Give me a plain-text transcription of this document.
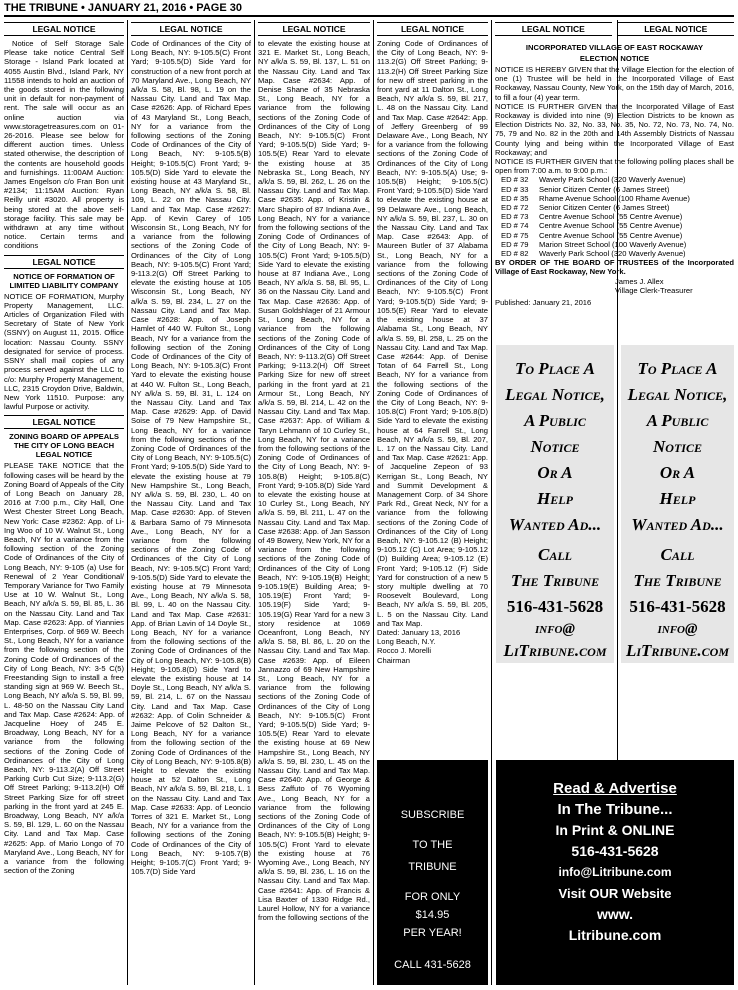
THE TRIBUNE • JANUARY 21, 2016 • PAGE 30
LEGAL NOTICE

Notice of Self Storage Sale Please take notice Central Self Storage - Island Park located at 4055 Austin Blvd., Island Park, NY 11558 intends to hold an auction of the goods stored in the following unit in default for non-payment of rent. The sale will occur as an online auction via www.storagetreasures.com on 01-26-2016. Please see below for different auction times. Unless stated otherwise, the description of the contents are household goods and furnishings. 11:00AM Auction: James Engelson c/o Fran Bon unit #2134; 11:15AM Auction: Ryan Reilly unit #3020. All property is being stored at the above self-storage facility. This sale may be withdrawn at any time without notice. Certain terms and conditions

LEGAL NOTICE
NOTICE OF FORMATION OF LIMITED LIABILITY COMPANY

NOTICE OF FORMATION, Murphy Property Management, LLC. Articles of Organization Filed with Secretary of State of New York (SSNY) on August 11, 2015. Office location: Nassau County. SSNY designated for service of process. SSNY shall mail copies of any process served against the LLC to c/o: Murphy Property Management, LLC, 2315 Croydon Drive, Baldwin, New York 11510. Purpose: any lawful Purpose or activity.

LEGAL NOTICE
ZONING BOARD OF APPEALS THE CITY OF LONG BEACH LEGAL NOTICE

PLEASE TAKE NOTICE that the following cases will be heard by the Zoning Board of Appeals of the City of Long Beach on January 28, 2016 at 7:00 p.m., City Hall, One West Chester Street Long Beach, New York: Case #2362: App. of Li-Ing Woo of 10 W. Walnut St., Long Beach, NY for a variance from the following section of the Zoning Code of Ordinances of the City of Long Beach, NY: 9-105 (a) Use for Renewal of 2 Year Conditional/ Temporary Variance for Two Family Use at 10 W. Walnut St., Long Beach, NY a/k/a S. 59, Bl. 85, L. 36 on the Nassau City. Land and Tax Map. Case #2623: App. of Yiannies Enterprises, Corp. of 969 W. Beech St., Long Beach, NY for a variance from the following section of the Zoning Code of Ordinances of the City of Long Beach, NY: 3-5 C(5) Freestanding Sign to install a free standing sign at 969 W. Beech St., Long Beach, NY a/k/a S. 59, Bl. 99, L. 48-50 on the Nassau City Land and Tax Map. Case #2624: App. of Jacqueline Hoey of 245 E. Broadway, Long Beach, NY for a variance from the following sections of the Zoning Code of Ordinances of the City of Long Beach, NY: 9-113.2(A) Off Street Parking Curb Cut Size; 9-113.2(G) Off Street Parking; 9-113.2(H) Off Street Parking Size for off street parking in the front yard at 245 E. Broadway, Long Beach, NY a/k/a S. 59, Bl. 129, L. 60 on the Nassau City. Land and Tax Map. Case #2625: App. of Mario Longo of 70 Maryland Ave., Long Beach, NY for a variance from the following section of the Zoning

LEGAL NOTICE

Code of Ordinances of the City of Long Beach, NY: 9-105.5(C) Front Yard; 9-105.5(D) Side Yard for construction of a new front porch at 70 Maryland Ave., Long Beach, NY a/k/a S. 58, Bl. 98, L. 19 on the Nassau City. Land and Tax Map. Case #2626: App. of Richard Epes of 43 Maryland St., Long Beach, NY for a variance from the following sections of the Zoning Code of Ordinances of the City of Long Beach, NY: 9-105.5(B) Height; 9-105.5(C) Front Yard; 9-105.5(D) Side Yard to elevate the existing house at 43 Maryland St., Long Beach, NY a/k/a S. 58, Bl. 109, L. 22 on the Nassau City. Land and Tax Map. Case #2627: App. of Kevin Carey of 105 Wisconsin St., Long Beach, NY for a variance from the following sections of the Zoning Code of Ordinances of the City of Long Beach, NY: 9-105.5(C) Front Yard; 9-113.2(G) Off Street Parking to elevate the existing house at 105 Wisconsin St., Long Beach, NY a/k/a S. 59, Bl. 234, L. 27 on the Nassau City. Land and Tax Map. Case #2628: App. of Joseph Hamlet of 440 W. Fulton St., Long Beach, NY for a variance from the following section of the Zoning Code of Ordinances of the City of Long Beach, NY: 9-105.3(C) Front Yard to elevate the existing house at 440 W. Fulton St., Long Beach, NY a/k/a S. 59, Bl. 31, L. 124 on the Nassau City. Land and Tax Map. Case #2629: App. of David Soise of 79 New Hampshire St., Long Beach, NY for a variance from the following sections of the Zoning Code of Ordinances of the City of Long Beach, NY: 9-105.5(C) Front Yard; 9-105.5(D) Side Yard to elevate the existing house at 79 New Hampshire St., Long Beach, NY a/k/a S. 59, Bl. 230, L. 40 on the Nassau City. Land and Tax Map. Case #2630: App. of Steven & Barbara Samo of 79 Minnesota Ave., Long Beach, NY for a variance from the following sections of the Zoning Code of Ordinances of the City of Long Beach, NY: 9-105.5(C) Front Yard; 9-105.5(D) Side Yard to elevate the existing house at 79 Minnesota Ave., Long Beach, NY a/k/a S. 58, Bl. 99, L. 40 on the Nassau City. Land and Tax Map. Case #2631: App. of Brian Lavin of 14 Doyle St., Long Beach, NY for a variance from the following sections of the Zoning Code of Ordinances of the City of Long Beach, NY: 9-105.8(B) Height; 9-105.8(D) Side Yard to elevate the existing house at 14 Doyle St., Long Beach, NY a/k/a S. 59, Bl. 214, L. 67 on the Nassau City. Land and Tax Map. Case #2632: App. of Colin Schneider & Jaime Pelcove of 52 Dalton St., Long Beach, NY for a variance from the following section of the Zoning Code of Ordinances of the City of Long Beach, NY: 9-105.8(B) Height to elevate the existing house at 52 Dalton St., Long Beach, NY a/k/a S. 59, Bl. 218, L. 1 on the Nassau City. Land and Tax Map. Case #2633: App. of Leoncio Torres of 321 E. Market St., Long Beach, NY for a variance from the following sections of the Zoning Code of Ordinances of the City of Long Beach, NY: 9-105.7(B) Height; 9-105.7(C) Front Yard; 9-105.7(D) Side Yard

LEGAL NOTICE

to elevate the existing house at 321 E. Market St., Long Beach, NY a/k/a S. 59, Bl. 137, L. 51 on the Nassau City. Land and Tax Map. Case #2634: App. of Denise Shane of 35 Nebraska St., Long Beach, NY for a variance from the following sections of the Zoning Code of Ordinances of the City of Long Beach, NY: 9-105.5(C) Front Yard; 9-105.5(D) Side Yard; 9-105.5(E) Rear Yard to elevate the existing house at 35 Nebraska St., Long Beach, NY a/k/a S. 59, Bl. 262, L. 26 on the Nassau City. Land and Tax Map. Case #2635: App. of Kristin & Marc Shapiro of 87 Indiana Ave., Long Beach, NY for a variance from the following sections of the Zoning Code of Ordinances of the City of Long Beach, NY: 9-105.5(C) Front Yard; 9-105.5(D) Side Yard to elevate the existing house at 87 Indiana Ave., Long Beach, NY a/k/a S. 58, Bl. 95, L. 36 on the Nassau City. Land and Tax Map. Case #2636: App. of Susan Goldshlager of 21 Armour St., Long Beach, NY for a variance from the following sections of the Zoning Code of Ordinances of the City of Long Beach, NY: 9-113.2(G) Off Street Parking; 9-113.2(H) Off Street Parking Size for new off street parking in the front yard at 21 Armour St., Long Beach, NY a/k/a S. 59, Bl. 214, L. 42 on the Nassau City. Land and Tax Map. Case #2637: App. of William & Taryn Lehmann of 10 Curley St., Long Beach, NY for a variance from the following sections of the Zoning Code of Ordinances of the City of Long Beach, NY: 9-105.8(B) Height; 9-105.8(C) Front Yard; 9-105.8(D) Side Yard to elevate the existing house at 10 Curley St., Long Beach, NY a/k/a S. 59, Bl. 211, L. 47 on the Nassau City. Land and Tax Map. Case #2638: App. of Jan Sasson of 49 Bowery, New York, NY for a variance from the following sections of the Zoning Code of Ordinances of the City of Long Beach, NY: 9-105.19(B) Height; 9-105.19(E) Building Area; 9-105.19(E) Front Yard; 9-105.19(F) Side Yard; 9-105.19(G) Rear Yard for a new 3 story residence at 1069 Oceanfront, Long Beach, NY a/k/a S. 58, Bl. 86, L. 20 on the Nassau City. Land and Tax Map. Case #2639: App. of Eileen Jannazzo of 69 New Hampshire St., Long Beach, NY for a variance from the following sections of the Zoning Code of Ordinances of the City of Long Beach, NY: 9-105.5(C) Front Yard; 9-105.5(D) Side Yard; 9-105.5(E) Rear Yard to elevate the existing house at 69 New Hampshire St., Long Beach, NY a/k/a S. 59, Bl. 230, L. 45 on the Nassau City. Land and Tax Map. Case #2640: App. of George & Bess Zaffuto of 76 Wyoming Ave., Long Beach, NY for a variance from the following sections of the Zoning Code of Ordinances of the City of Long Beach, NY: 9-105.5(B) Height; 9-105.5(C) Front Yard to elevate the existing house at 76 Wyoming Ave., Long Beach, NY a/k/a S. 59, Bl. 236, L. 16 on the Nassau City. Land and Tax Map. Case #2641: App. of Francis & Lisa Baxter of 1330 Ridge Rd., Laurel Hollow, NY for a variance from the following sections of the

LEGAL NOTICE

Zoning Code of Ordinances of the City of Long Beach, NY: 9-113.2(G) Off Street Parking; 9-113.2(H) Off Street Parking Size for new off street parking in the front yard at 11 Dalton St., Long Beach, NY a/k/a S. 59, Bl. 217, L. 48 on the Nassau City. Land and Tax Map. Case #2642: App. of Jeffery Greenberg of 99 Delaware Ave., Long Beach, NY for a variance from the following sections of the Zoning Code of Ordinances of the City of Long Beach, NY: 9-105.5(A) Use; 9-105.5(B) Height; 9-105.5(C) Front Yard; 9-105.5(D) Side Yard to elevate the existing house at 99 Delaware Ave., Long Beach, NY a/k/a S. 59, Bl. 237, L. 30 on the Nassau City. Land and Tax Map. Case #2643: App. of Maureen Butler of 37 Alabama St., Long Beach, NY for a variance from the following sections of the Zoning Code of Ordinances of the City of Long Beach, NY: 9-105.5(C) Front Yard; 9-105.5(D) Side Yard; 9-105.5(E) Rear Yard to elevate the existing house at 37 Alabama St., Long Beach, NY a/k/a S. 59, Bl. 258, L. 25 on the Nassau City. Land and Tax Map. Case #2644: App. of Denise Totan of 64 Farrell St., Long Beach, NY for a variance from the following sections of the Zoning Code of Ordinances of the City of Long Beach, NY: 9-105.8(C) Front Yard; 9-105.8(D) Side Yard to elevate the existing house at 64 Farrell St., Long Beach, NY a/k/a S. 59, Bl. 207, L. 17 on the Nassau City. Land and Tax Map. Case #2621: App. of Jacqueline Zepeon of 93 Kerrigan St., Long Beach, NY and Summit Development & Management Corp. of 34 Shore Park Rd., Great Neck, NY for a variance from the following sections of the Zoning Code of Ordinances of the City of Long Beach, NY: 9-105.12 (B) Height; 9-105.12 (C) Lot Area; 9-105.12 (D) Building Area; 9-105.12 (E) Front Yard; 9-105.12 (F) Side Yard for construction of a new 5 story multiple dwelling at 70 Roosevelt Boulevard, Long Beach, NY a/k/a S. 59, Bl. 205, L. 5 on the Nassau City. Land and Tax Map.

Dated: January 13, 2016

Long Beach, N.Y.

Rocco J. Morelli

Chairman

SUBSCRIBE
TO THE
TRIBUNE
FOR ONLY
$14.95
PER YEAR!
CALL 431-5628
LEGAL NOTICE	LEGAL NOTICE
INCORPORATED VILLAGE OF EAST ROCKAWAY
ELECTION NOTICE

NOTICE IS HEREBY GIVEN that the Village Election for the election of one (1) Trustee will be held in the Incorporated Village of East Rockaway, Nassau County, New York, on the 15th day of March, 2016, to fill a four (4) year term.

NOTICE IS FURTHER GIVEN that the Incorporated Village of East Rockaway is divided into nine (9) Election Districts to be known as Election Districts No. 32, No. 33, No. 35, No. 72, No. 73, No. 74, No. 75, 79 and No. 82 in the 20th and 14th Assembly Districts of Nassau County lying and being within the Incorporated Village of East Rockaway; and

NOTICE IS FURTHER GIVEN that the following polling places shall be open from 7:00 a.m. to 9:00 p.m.:

ED # 32	Waverly Park School (320 Waverly Avenue)
ED # 33	Senior Citizen Center (6 James Street)
ED # 35	Rhame Avenue School (100 Rhame Avenue)
ED # 72	Senior Citizen Center (6 James Street)
ED # 73	Centre Avenue School (55 Centre Avenue)
ED # 74	Centre Avenue School (55 Centre Avenue)
ED # 75	Centre Avenue School (55 Centre Avenue)
ED # 79	Marion Street School (100 Waverly Avenue)
ED # 82	Waverly Park School (320 Waverly Avenue)

BY ORDER OF THE BOARD OF TRUSTEES of the Incorporated Village of East Rockaway, New York.

James J. Allex

Village Clerk-Treasurer

Published: January 21, 2016

To Place A
Legal Notice,
A Public
Notice
Or A
Help
Wanted Ad...
Call
The Tribune
516-431-5628
info@
LiTribune.com
To Place A
Legal Notice,
A Public
Notice
Or A
Help
Wanted Ad...
Call
The Tribune
516-431-5628
info@
LiTribune.com
Read & Advertise
In The Tribune...
In Print & ONLINE
516-431-5628
info@Litribune.com
Visit OUR Website
www.
Litribune.com
